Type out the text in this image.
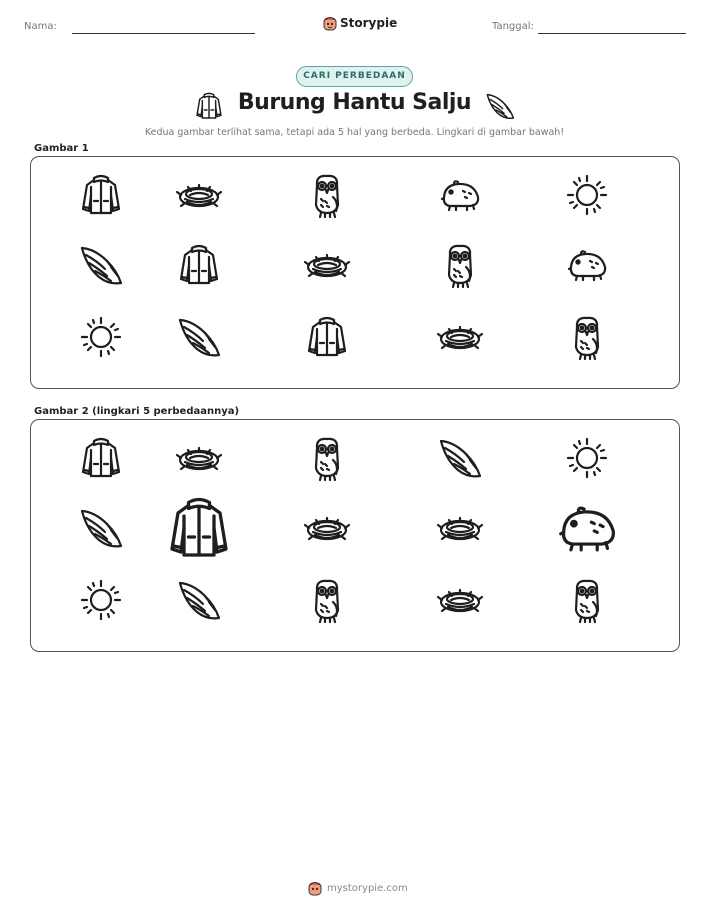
Nama:	Storypie	Tanggal:
CARI PERBEDAAN
Burung Hantu Salju
Kedua gambar terlihat sama, tetapi ada 5 hal yang berbeda. Lingkari di gambar bawah!
Gambar 1
Gambar 2 (lingkari 5 perbedaannya)
mystorypie.com
